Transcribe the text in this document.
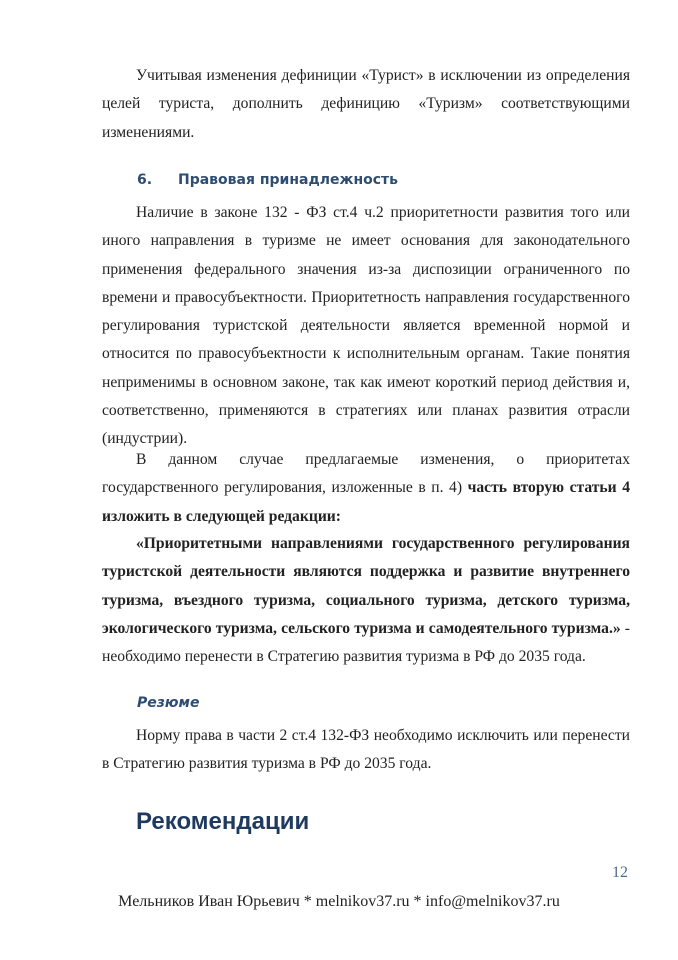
Учитывая изменения дефиниции «Турист» в исключении из определения целей туриста, дополнить дефиницию «Туризм» соответствующими изменениями.

6. Правовая принадлежность

Наличие в законе 132 - ФЗ ст.4 ч.2 приоритетности развития того или иного направления в туризме не имеет основания для законодательного применения федерального значения из-за диспозиции ограниченного по времени и правосубъектности. Приоритетность направления государственного регулирования туристской деятельности является временной нормой и относится по правосубъектности к исполнительным органам. Такие понятия неприменимы в основном законе, так как имеют короткий период действия и, соответственно, применяются в стратегиях или планах развития отрасли (индустрии).

В данном случае предлагаемые изменения, о приоритетах государственного регулирования, изложенные в п. 4) часть вторую статьи 4 изложить в следующей редакции:

«Приоритетными направлениями государственного регулирования туристской деятельности являются поддержка и развитие внутреннего туризма, въездного туризма, социального туризма, детского туризма, экологического туризма, сельского туризма и самодеятельного туризма.» - необходимо перенести в Стратегию развития туризма в РФ до 2035 года.

Резюме

Норму права в части 2 ст.4 132-ФЗ необходимо исключить или перенести в Стратегию развития туризма в РФ до 2035 года.

Рекомендации
12
Мельников Иван Юрьевич * melnikov37.ru * info@melnikov37.ru
